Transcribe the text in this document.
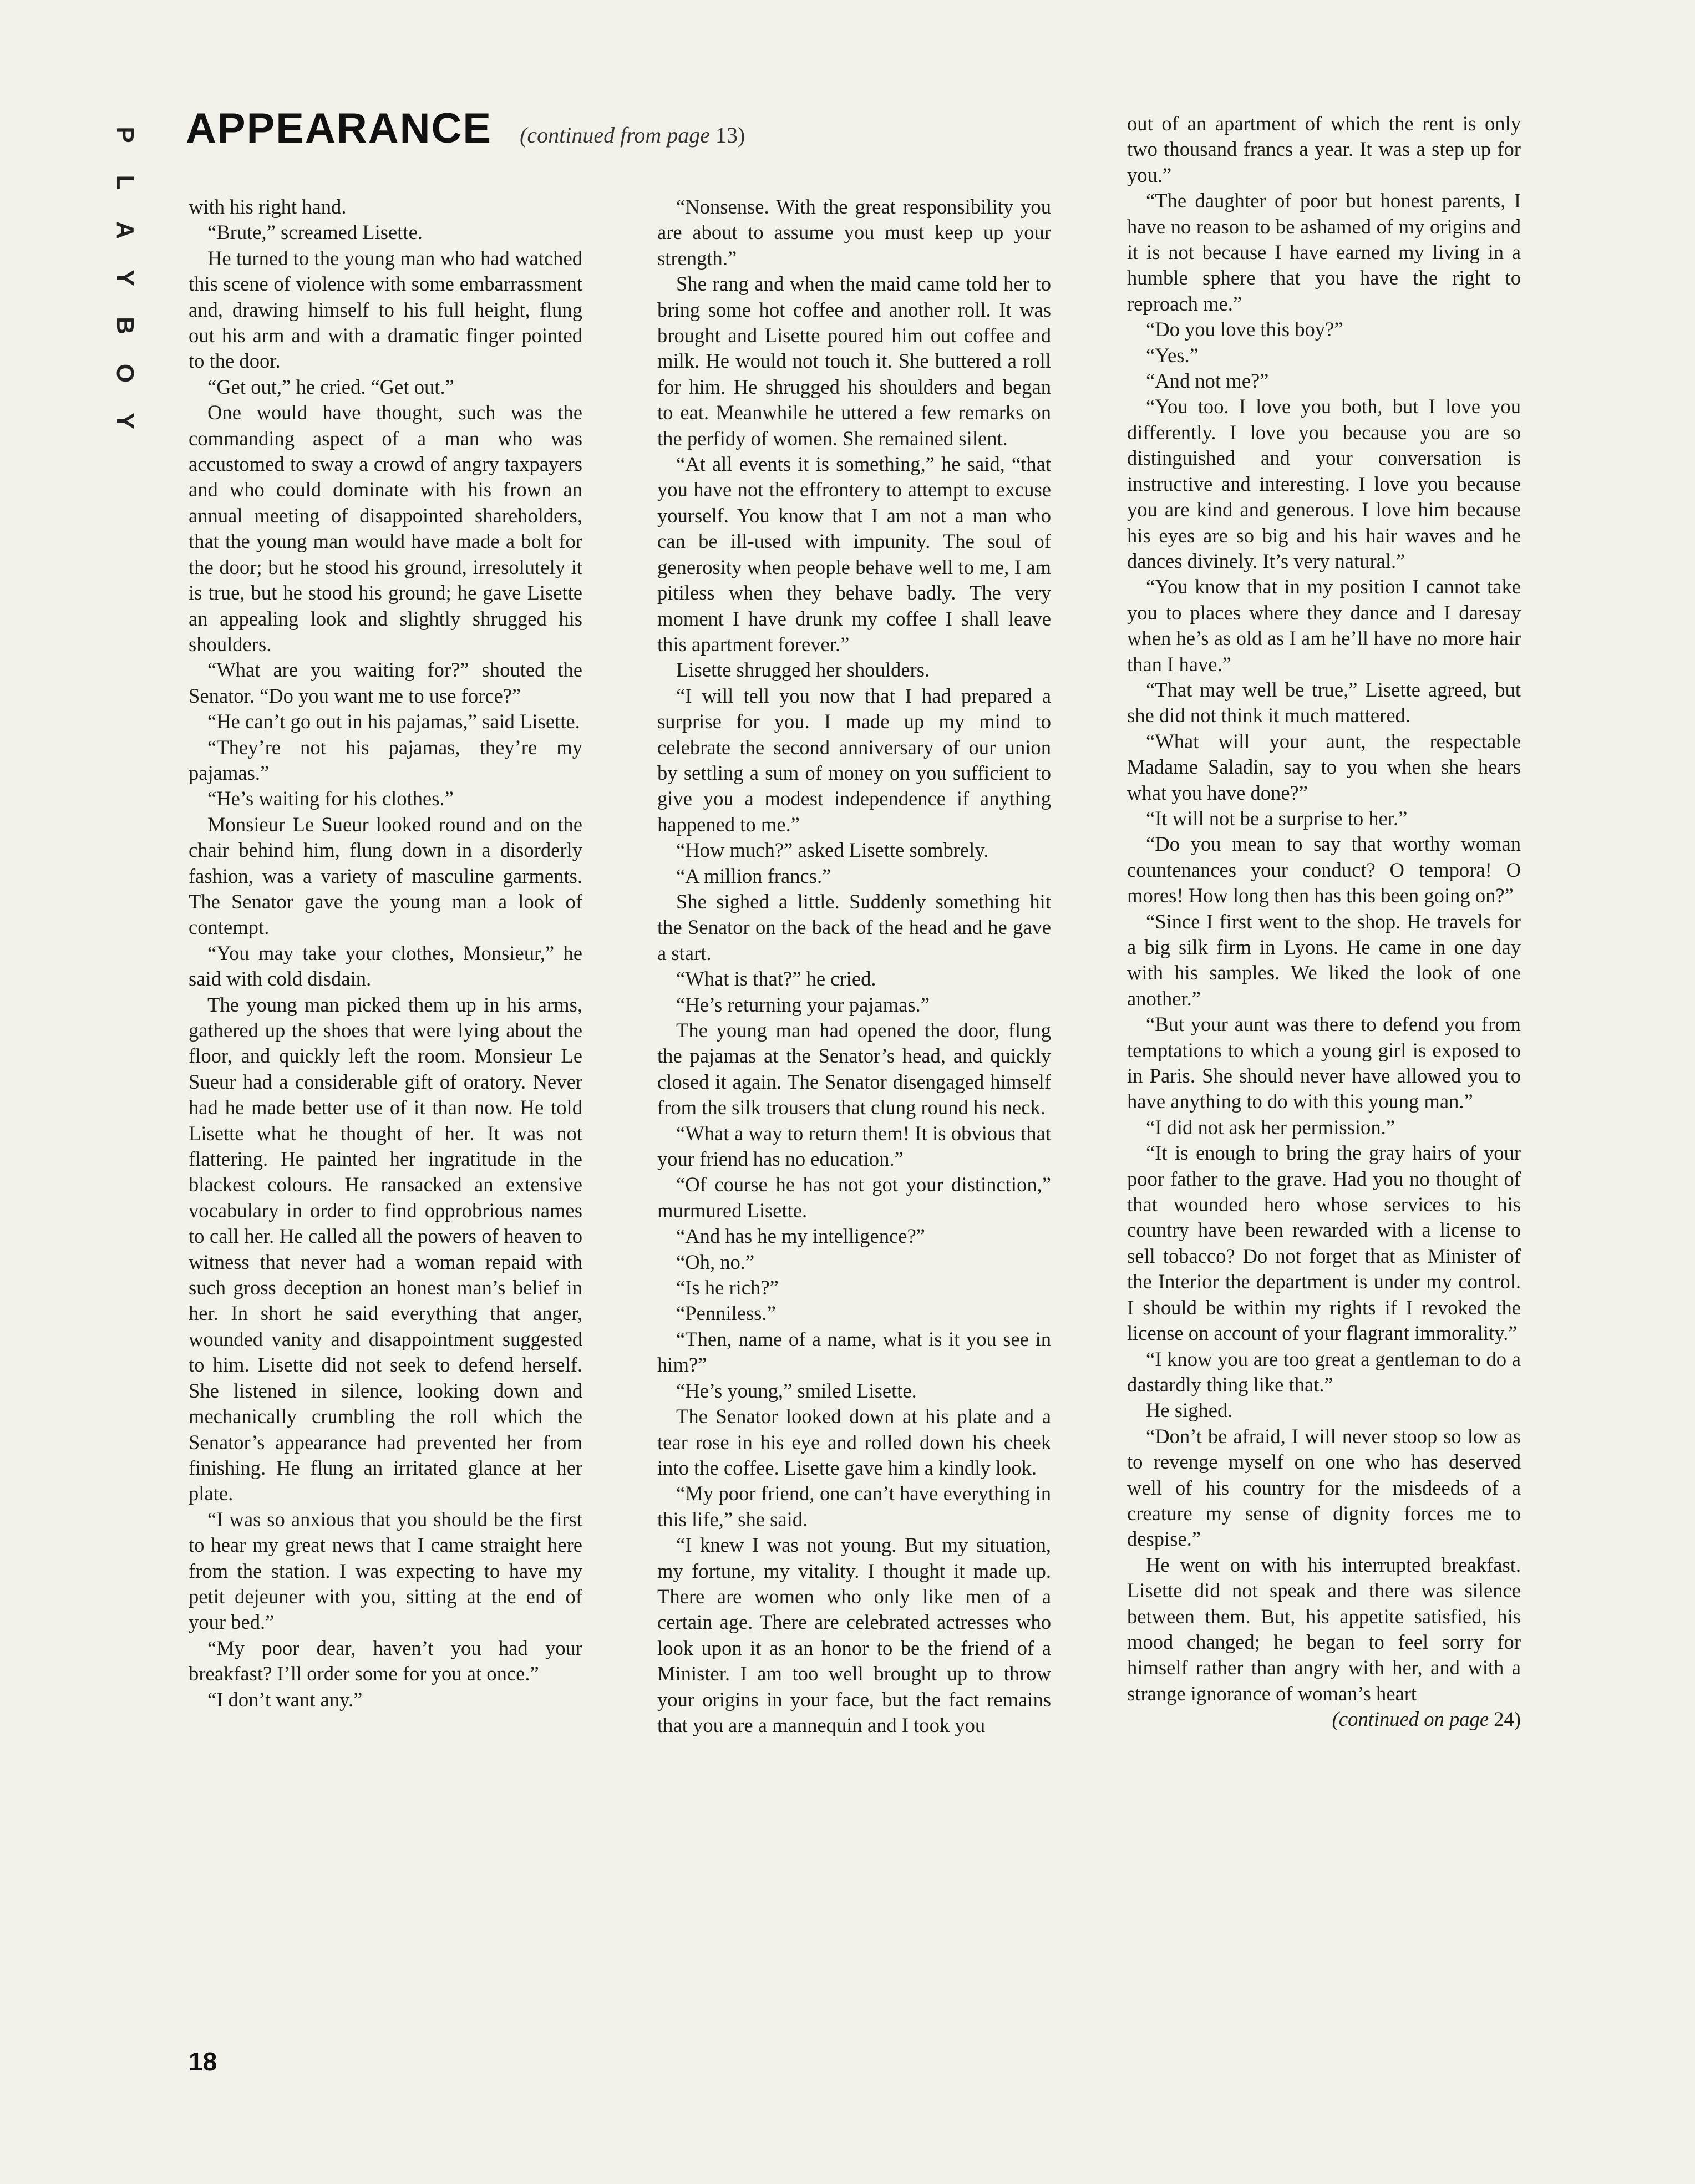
P
L
A
Y
B
O
Y
APPEARANCE (continued from page 13)

with his right hand.

“Brute,” screamed Lisette.

He turned to the young man who had watched this scene of violence with some embarrassment and, drawing himself to his full height, flung out his arm and with a dramatic finger pointed to the door.

“Get out,” he cried. “Get out.”

One would have thought, such was the commanding aspect of a man who was accustomed to sway a crowd of angry taxpayers and who could dominate with his frown an annual meeting of disappointed shareholders, that the young man would have made a bolt for the door; but he stood his ground, irresolutely it is true, but he stood his ground; he gave Lisette an appealing look and slightly shrugged his shoulders.

“What are you waiting for?” shouted the Senator. “Do you want me to use force?”

“He can’t go out in his pajamas,” said Lisette.

“They’re not his pajamas, they’re my pajamas.”

“He’s waiting for his clothes.”

Monsieur Le Sueur looked round and on the chair behind him, flung down in a disorderly fashion, was a variety of masculine garments. The Senator gave the young man a look of contempt.

“You may take your clothes, Monsieur,” he said with cold disdain.

The young man picked them up in his arms, gathered up the shoes that were lying about the floor, and quickly left the room. Monsieur Le Sueur had a considerable gift of oratory. Never had he made better use of it than now. He told Lisette what he thought of her. It was not flattering. He painted her ingratitude in the blackest colours. He ransacked an extensive vocabulary in order to find opprobrious names to call her. He called all the powers of heaven to witness that never had a woman repaid with such gross deception an honest man’s belief in her. In short he said everything that anger, wounded vanity and disappointment suggested to him. Lisette did not seek to defend herself. She listened in silence, looking down and mechanically crumbling the roll which the Senator’s appearance had prevented her from finishing. He flung an irritated glance at her plate.

“I was so anxious that you should be the first to hear my great news that I came straight here from the station. I was expecting to have my petit dejeuner with you, sitting at the end of your bed.”

“My poor dear, haven’t you had your breakfast? I’ll order some for you at once.”

“I don’t want any.”

“Nonsense. With the great responsibility you are about to assume you must keep up your strength.”

She rang and when the maid came told her to bring some hot coffee and another roll. It was brought and Lisette poured him out coffee and milk. He would not touch it. She buttered a roll for him. He shrugged his shoulders and began to eat. Meanwhile he uttered a few remarks on the perfidy of women. She remained silent.

“At all events it is something,” he said, “that you have not the effrontery to attempt to excuse yourself. You know that I am not a man who can be ill-used with impunity. The soul of generosity when people behave well to me, I am pitiless when they behave badly. The very moment I have drunk my coffee I shall leave this apartment forever.”

Lisette shrugged her shoulders.

“I will tell you now that I had prepared a surprise for you. I made up my mind to celebrate the second anniversary of our union by settling a sum of money on you sufficient to give you a modest independence if anything happened to me.”

“How much?” asked Lisette sombrely.

“A million francs.”

She sighed a little. Suddenly something hit the Senator on the back of the head and he gave a start.

“What is that?” he cried.

“He’s returning your pajamas.”

The young man had opened the door, flung the pajamas at the Senator’s head, and quickly closed it again. The Senator disengaged himself from the silk trousers that clung round his neck.

“What a way to return them! It is obvious that your friend has no education.”

“Of course he has not got your distinction,” murmured Lisette.

“And has he my intelligence?”

“Oh, no.”

“Is he rich?”

“Penniless.”

“Then, name of a name, what is it you see in him?”

“He’s young,” smiled Lisette.

The Senator looked down at his plate and a tear rose in his eye and rolled down his cheek into the coffee. Lisette gave him a kindly look.

“My poor friend, one can’t have everything in this life,” she said.

“I knew I was not young. But my situation, my fortune, my vitality. I thought it made up. There are women who only like men of a certain age. There are celebrated actresses who look upon it as an honor to be the friend of a Minister. I am too well brought up to throw your origins in your face, but the fact remains that you are a mannequin and I took you

out of an apartment of which the rent is only two thousand francs a year. It was a step up for you.”

“The daughter of poor but honest parents, I have no reason to be ashamed of my origins and it is not because I have earned my living in a humble sphere that you have the right to reproach me.”

“Do you love this boy?”

“Yes.”

“And not me?”

“You too. I love you both, but I love you differently. I love you because you are so distinguished and your conversation is instructive and interesting. I love you because you are kind and generous. I love him because his eyes are so big and his hair waves and he dances divinely. It’s very natural.”

“You know that in my position I cannot take you to places where they dance and I daresay when he’s as old as I am he’ll have no more hair than I have.”

“That may well be true,” Lisette agreed, but she did not think it much mattered.

“What will your aunt, the respectable Madame Saladin, say to you when she hears what you have done?”

“It will not be a surprise to her.”

“Do you mean to say that worthy woman countenances your conduct? O tempora! O mores! How long then has this been going on?”

“Since I first went to the shop. He travels for a big silk firm in Lyons. He came in one day with his samples. We liked the look of one another.”

“But your aunt was there to defend you from temptations to which a young girl is exposed to in Paris. She should never have allowed you to have anything to do with this young man.”

“I did not ask her permission.”

“It is enough to bring the gray hairs of your poor father to the grave. Had you no thought of that wounded hero whose services to his country have been rewarded with a license to sell tobacco? Do not forget that as Minister of the Interior the department is under my control. I should be within my rights if I revoked the license on account of your flagrant immorality.”

“I know you are too great a gentleman to do a dastardly thing like that.”

He sighed.

“Don’t be afraid, I will never stoop so low as to revenge myself on one who has deserved well of his country for the misdeeds of a creature my sense of dignity forces me to despise.”

He went on with his interrupted breakfast. Lisette did not speak and there was silence between them. But, his appetite satisfied, his mood changed; he began to feel sorry for himself rather than angry with her, and with a strange ignorance of woman’s heart

(continued on page 24)

18
